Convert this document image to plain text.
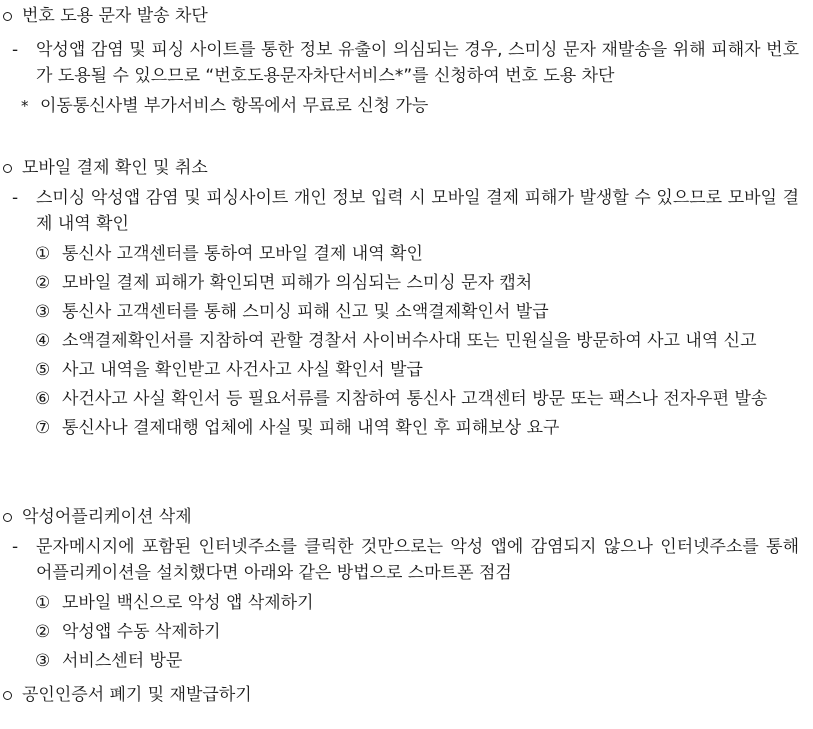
번호 도용 문자 발송 차단
- 악성앱 감염 및 피싱 사이트를 통한 정보 유출이 의심되는 경우, 스미싱 문자 재발송을 위해 피해자 번호가 도용될 수 있으므로 “번호도용문자차단서비스*”를 신청하여 번호 도용 차단
* 이동통신사별 부가서비스 항목에서 무료로 신청 가능
모바일 결제 확인 및 취소
- 스미싱 악성앱 감염 및 피싱사이트 개인 정보 입력 시 모바일 결제 피해가 발생할 수 있으므로 모바일 결제 내역 확인
① 통신사 고객센터를 통하여 모바일 결제 내역 확인
② 모바일 결제 피해가 확인되면 피해가 의심되는 스미싱 문자 캡처
③ 통신사 고객센터를 통해 스미싱 피해 신고 및 소액결제확인서 발급
④ 소액결제확인서를 지참하여 관할 경찰서 사이버수사대 또는 민원실을 방문하여 사고 내역 신고
⑤ 사고 내역을 확인받고 사건사고 사실 확인서 발급
⑥ 사건사고 사실 확인서 등 필요서류를 지참하여 통신사 고객센터 방문 또는 팩스나 전자우편 발송
⑦ 통신사나 결제대행 업체에 사실 및 피해 내역 확인 후 피해보상 요구
악성어플리케이션 삭제
- 문자메시지에 포함된 인터넷주소를 클릭한 것만으로는 악성 앱에 감염되지 않으나 인터넷주소를 통해 어플리케이션을 설치했다면 아래와 같은 방법으로 스마트폰 점검
① 모바일 백신으로 악성 앱 삭제하기
② 악성앱 수동 삭제하기
③ 서비스센터 방문
공인인증서 폐기 및 재발급하기
